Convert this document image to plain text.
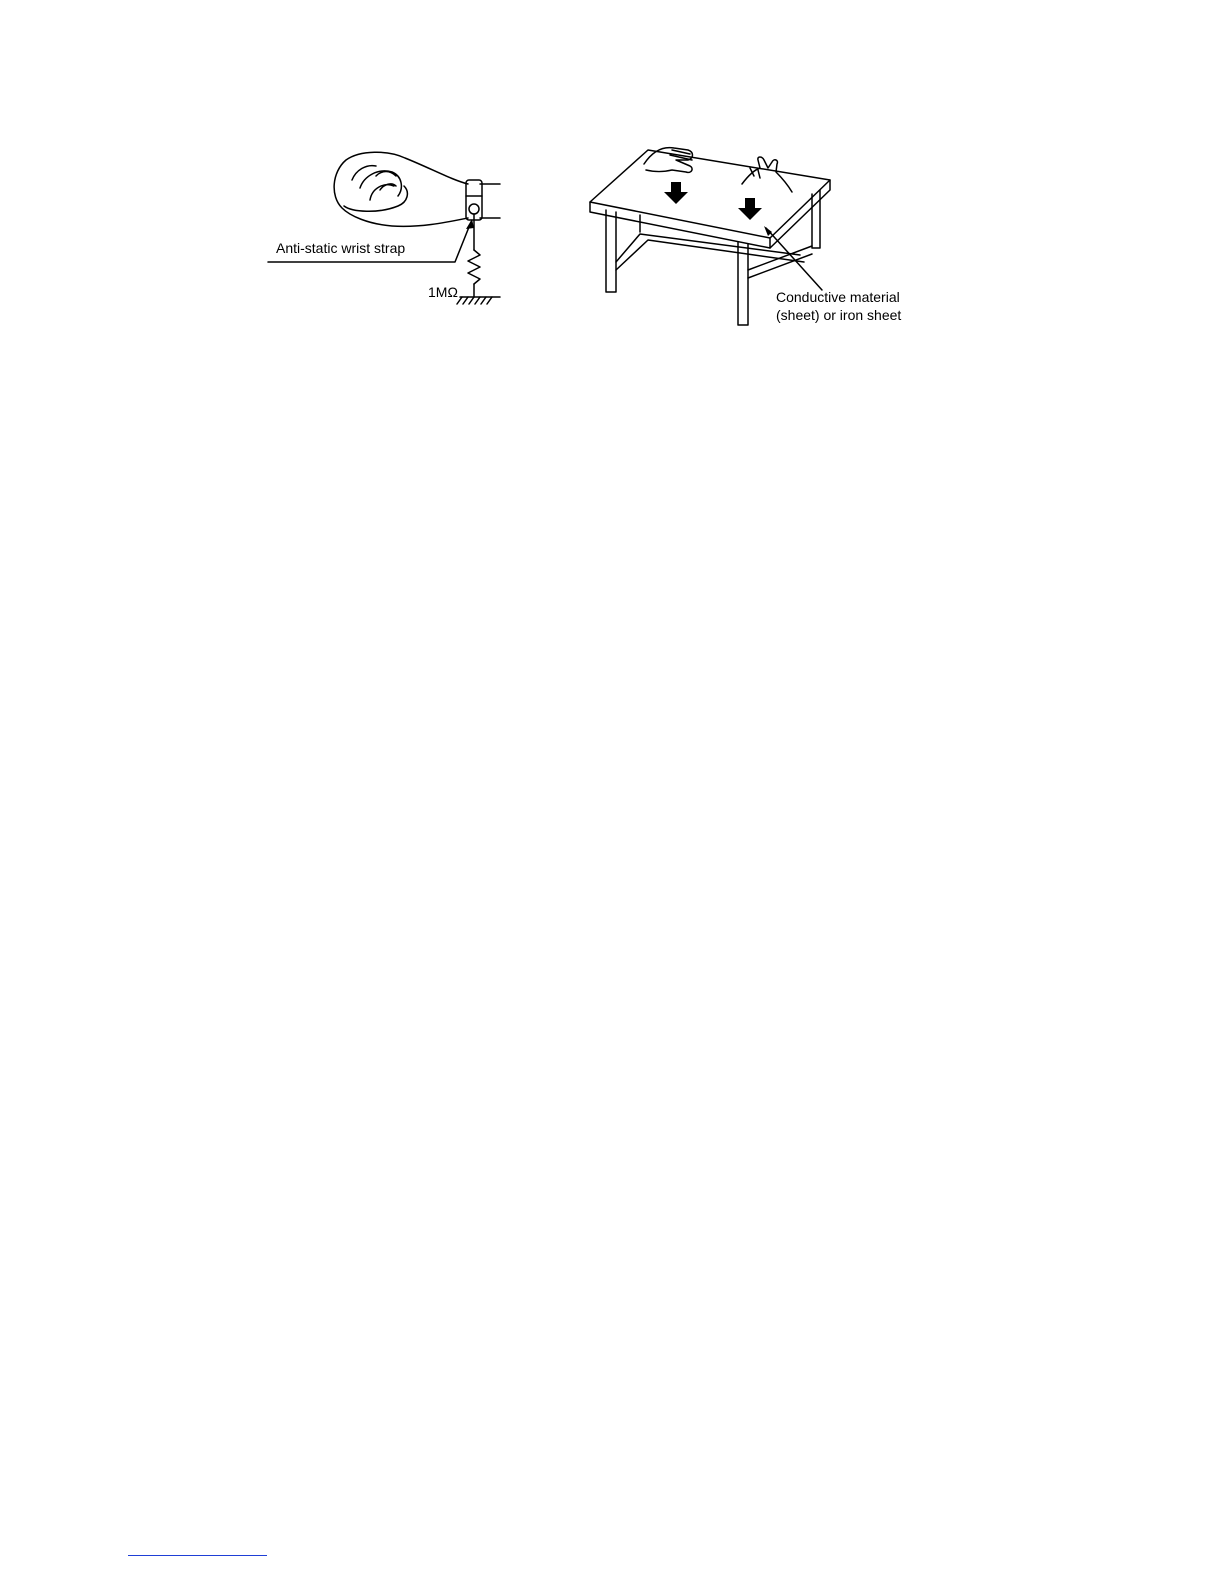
Anti-static wrist strap
1MΩ	Conductive material
(sheet) or iron sheet
